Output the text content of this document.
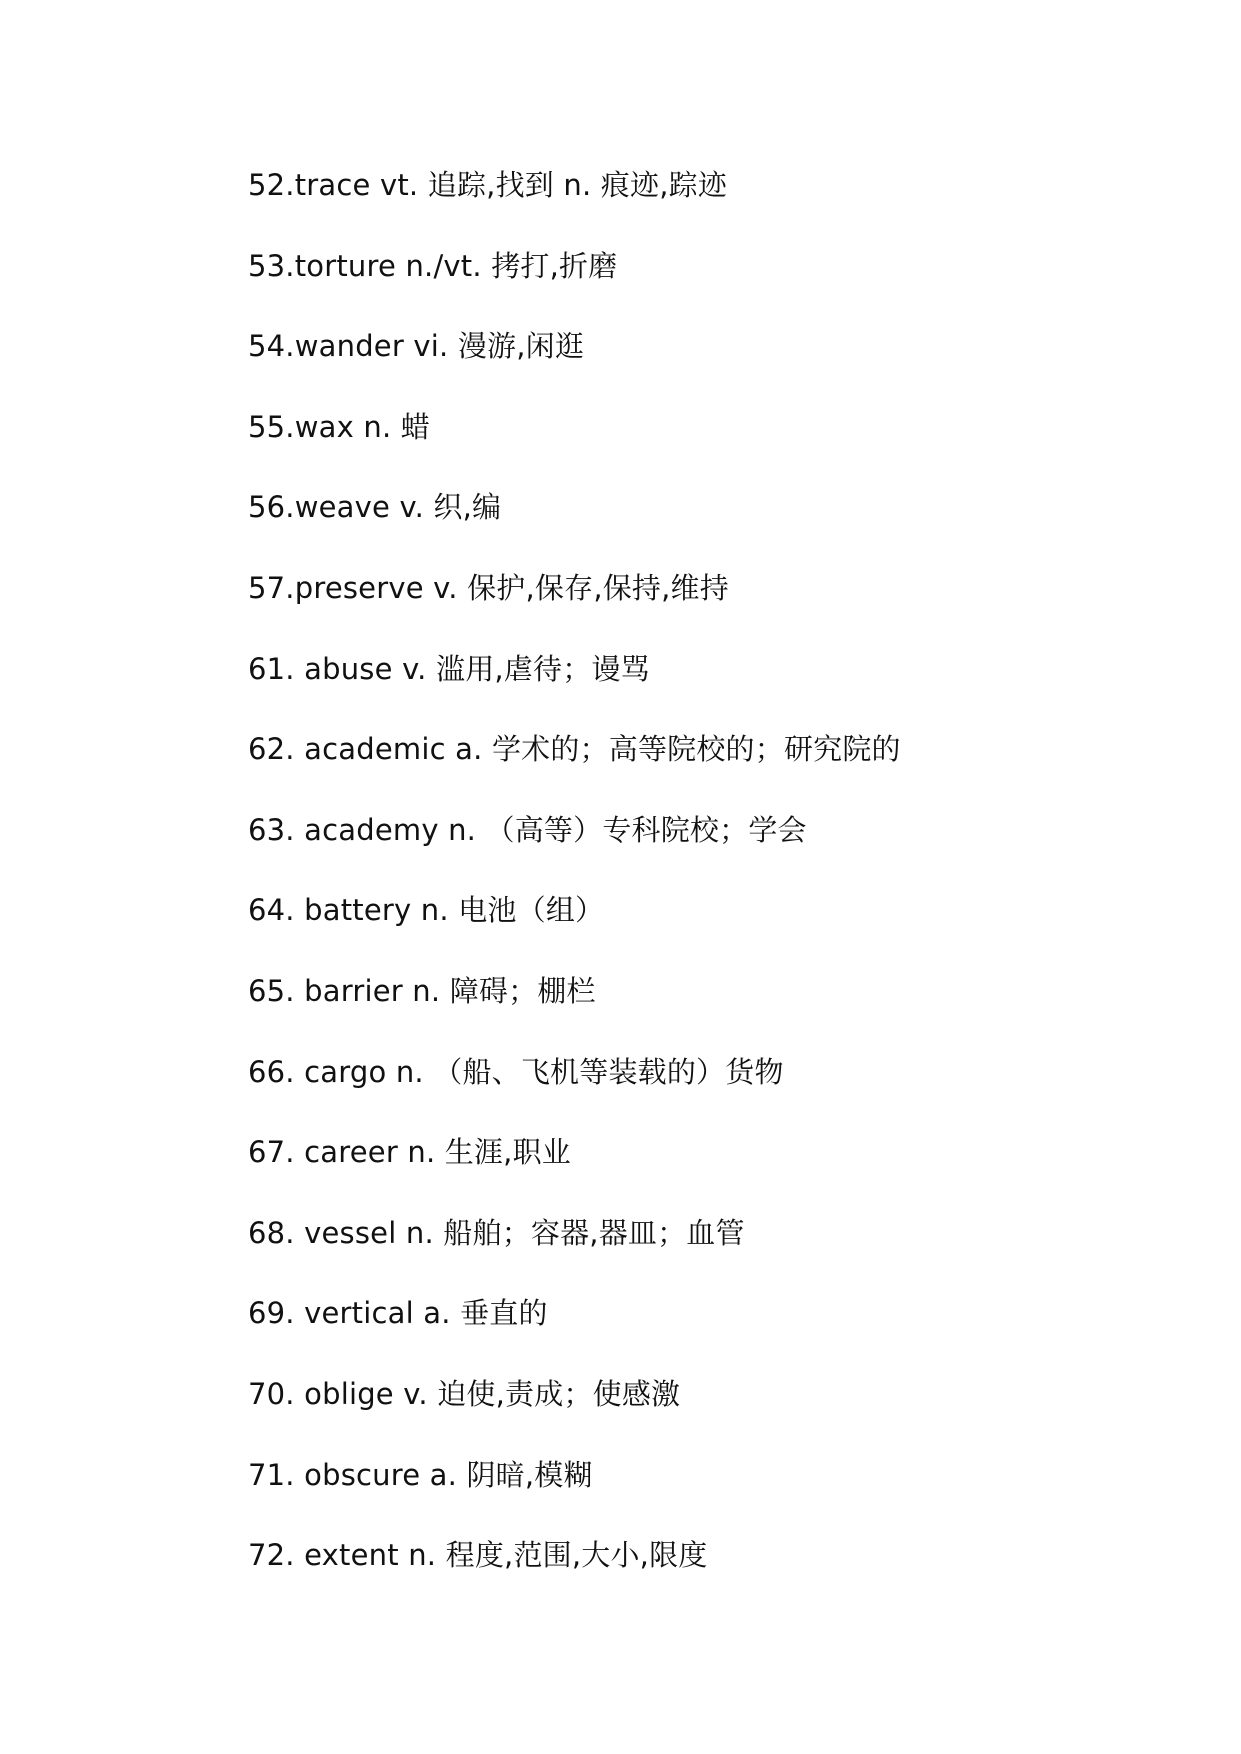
52.trace vt. 追踪,找到 n. 痕迹,踪迹
53.torture n./vt. 拷打,折磨
54.wander vi. 漫游,闲逛
55.wax n. 蜡
56.weave v. 织,编
57.preserve v. 保护,保存,保持,维持
61. abuse v. 滥用,虐待；谩骂
62. academic a. 学术的；高等院校的；研究院的
63. academy n. （高等）专科院校；学会
64. battery n. 电池（组）
65. barrier n. 障碍；棚栏
66. cargo n. （船、飞机等装载的）货物
67. career n. 生涯,职业
68. vessel n. 船舶；容器,器皿；血管
69. vertical a. 垂直的
70. oblige v. 迫使,责成；使感激
71. obscure a. 阴暗,模糊
72. extent n. 程度,范围,大小,限度
